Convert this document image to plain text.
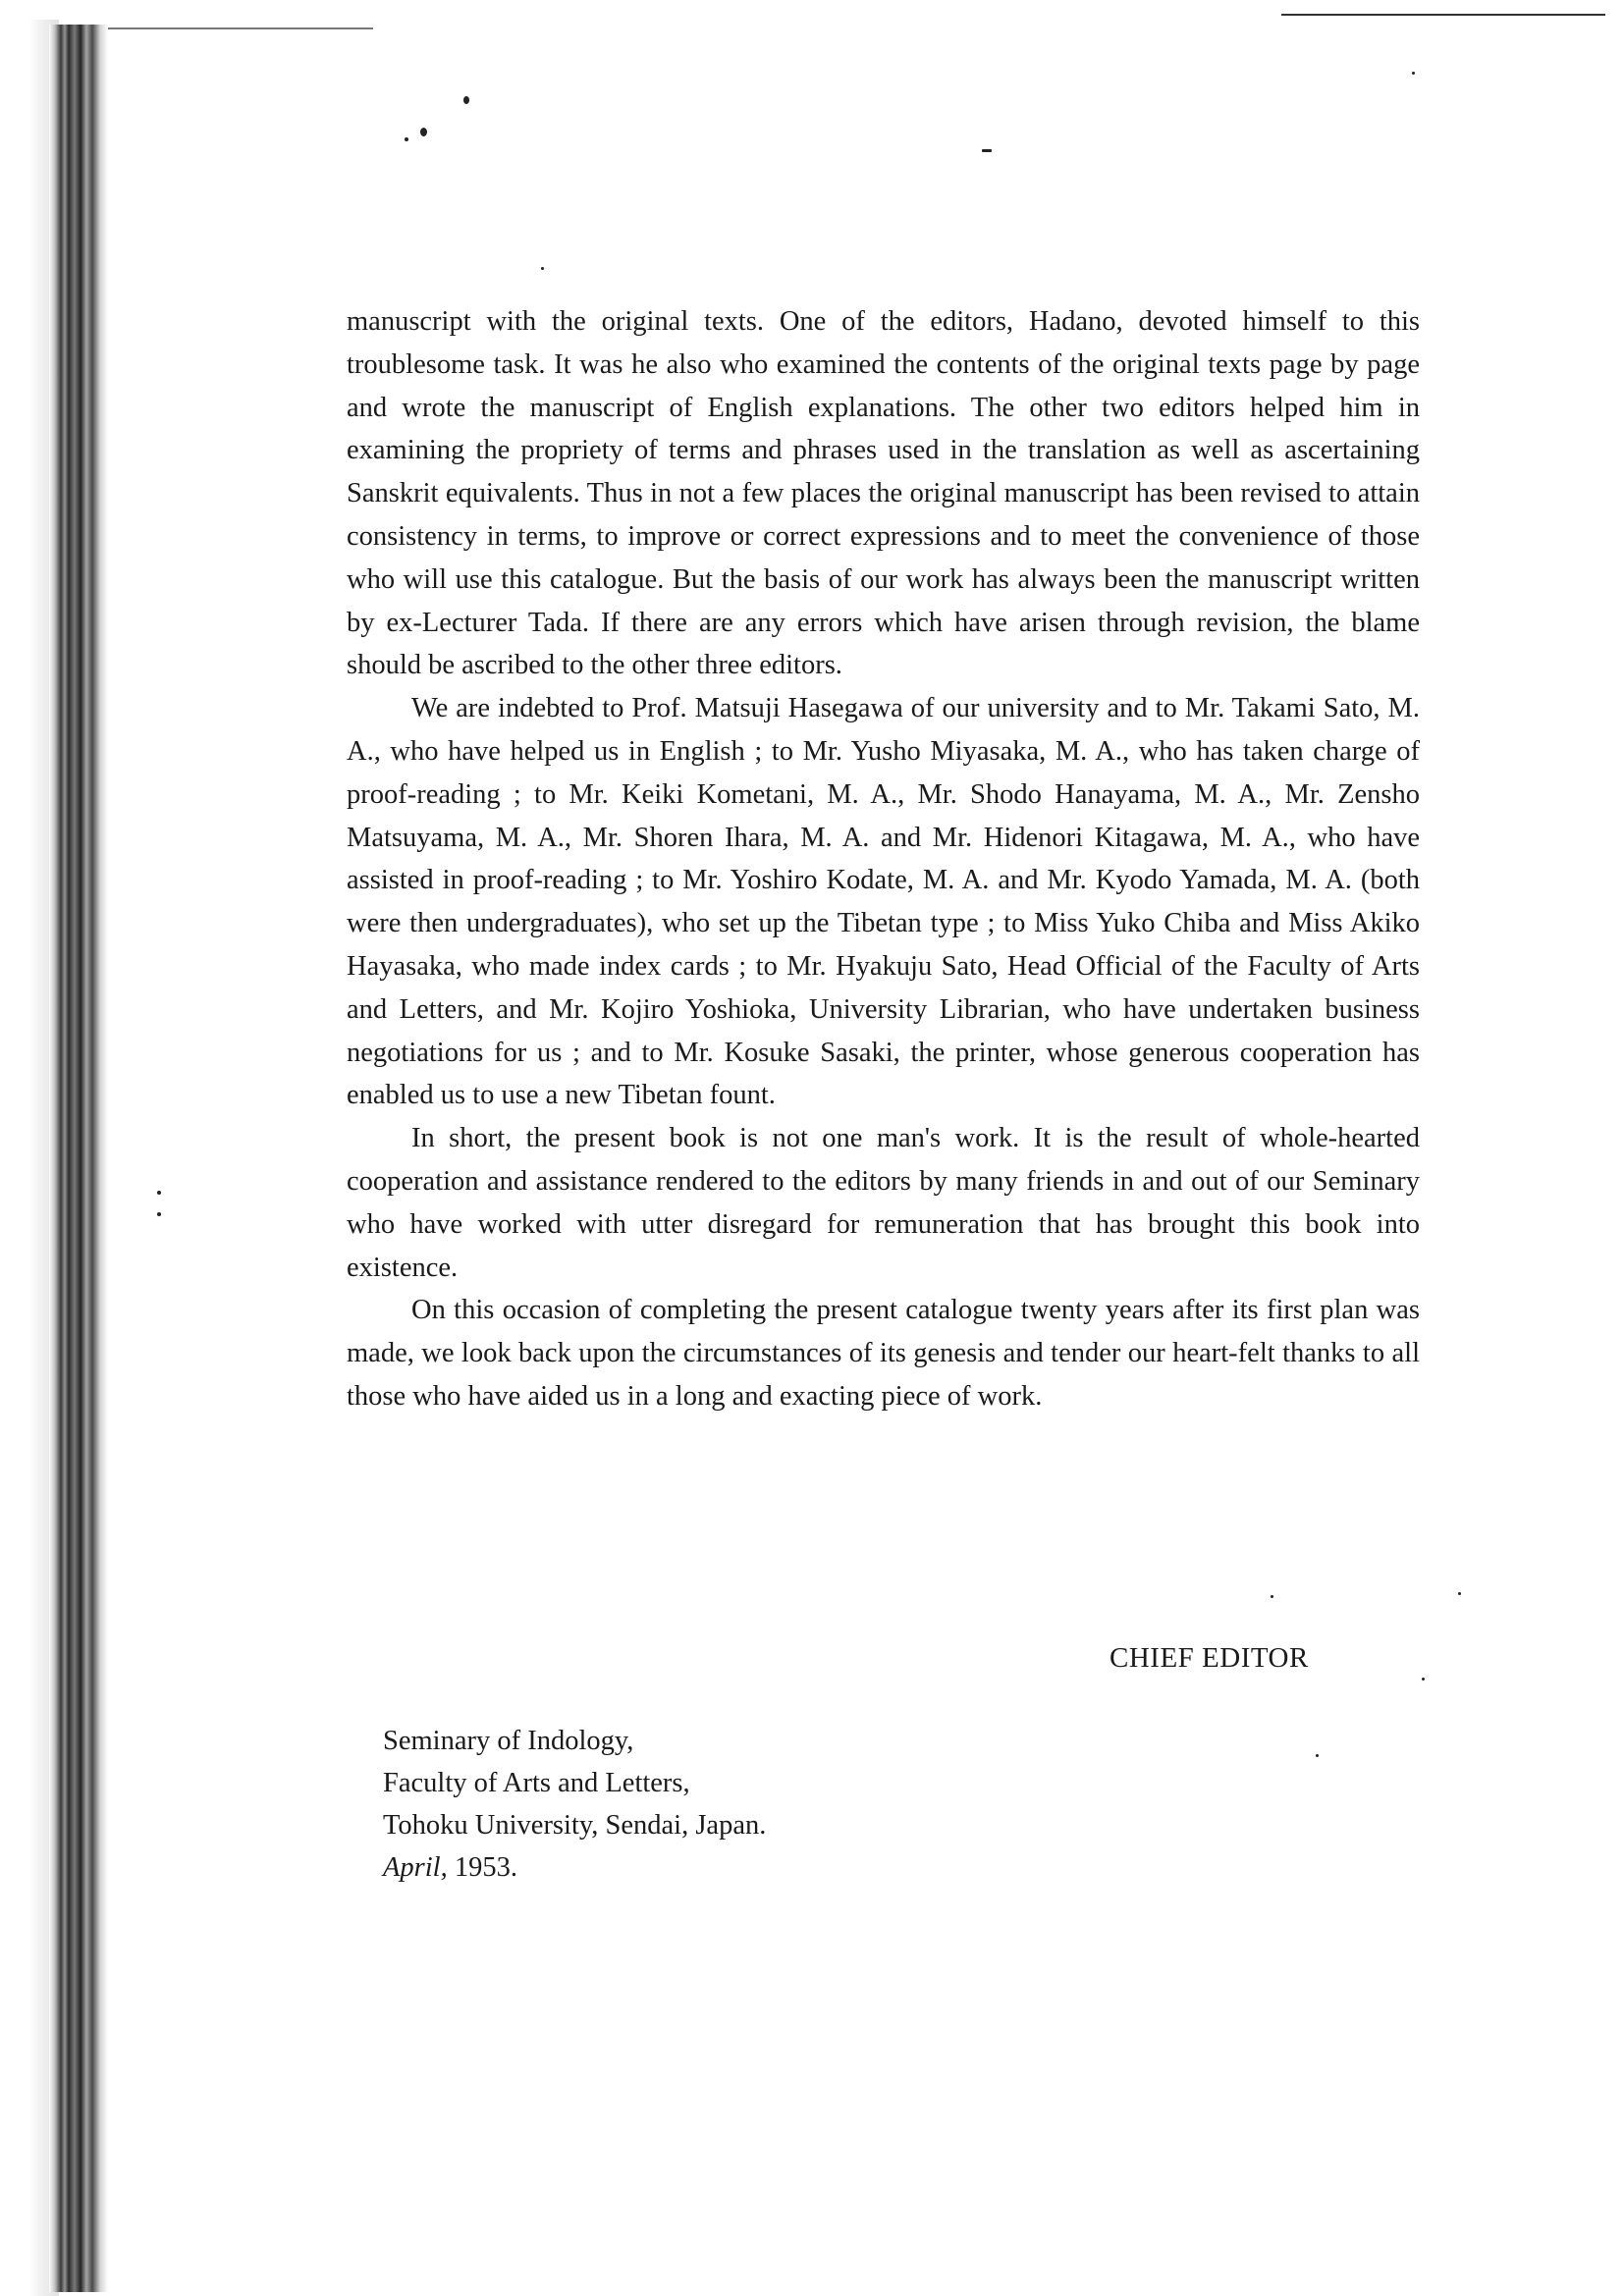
manuscript with the original texts. One of the editors, Hadano, devoted himself to this troublesome task. It was he also who examined the contents of the original texts page by page and wrote the manuscript of English explanations. The other two editors helped him in examining the propriety of terms and phrases used in the translation as well as ascertaining Sanskrit equivalents. Thus in not a few places the original manuscript has been revised to attain consistency in terms, to improve or correct expressions and to meet the convenience of those who will use this catalogue. But the basis of our work has always been the manuscript written by ex-Lecturer Tada. If there are any errors which have arisen through revision, the blame should be ascribed to the other three editors.

We are indebted to Prof. Matsuji Hasegawa of our university and to Mr. Takami Sato, M. A., who have helped us in English ; to Mr. Yusho Miyasaka, M. A., who has taken charge of proof-reading ; to Mr. Keiki Kometani, M. A., Mr. Shodo Hanayama, M. A., Mr. Zensho Matsuyama, M. A., Mr. Shoren Ihara, M. A. and Mr. Hidenori Kitagawa, M. A., who have assisted in proof-reading ; to Mr. Yoshiro Kodate, M. A. and Mr. Kyodo Yamada, M. A. (both were then undergraduates), who set up the Tibetan type ; to Miss Yuko Chiba and Miss Akiko Hayasaka, who made index cards ; to Mr. Hyakuju Sato, Head Official of the Faculty of Arts and Letters, and Mr. Kojiro Yoshioka, University Librarian, who have undertaken business negotiations for us ; and to Mr. Kosuke Sasaki, the printer, whose generous cooperation has enabled us to use a new Tibetan fount.

In short, the present book is not one man's work. It is the result of whole-hearted cooperation and assistance rendered to the editors by many friends in and out of our Seminary who have worked with utter disregard for remuneration that has brought this book into existence.

On this occasion of completing the present catalogue twenty years after its first plan was made, we look back upon the circumstances of its genesis and tender our heart-felt thanks to all those who have aided us in a long and exacting piece of work.

CHIEF EDITOR
Seminary of Indology,
Faculty of Arts and Letters,
Tohoku University, Sendai, Japan.
April, 1953.
